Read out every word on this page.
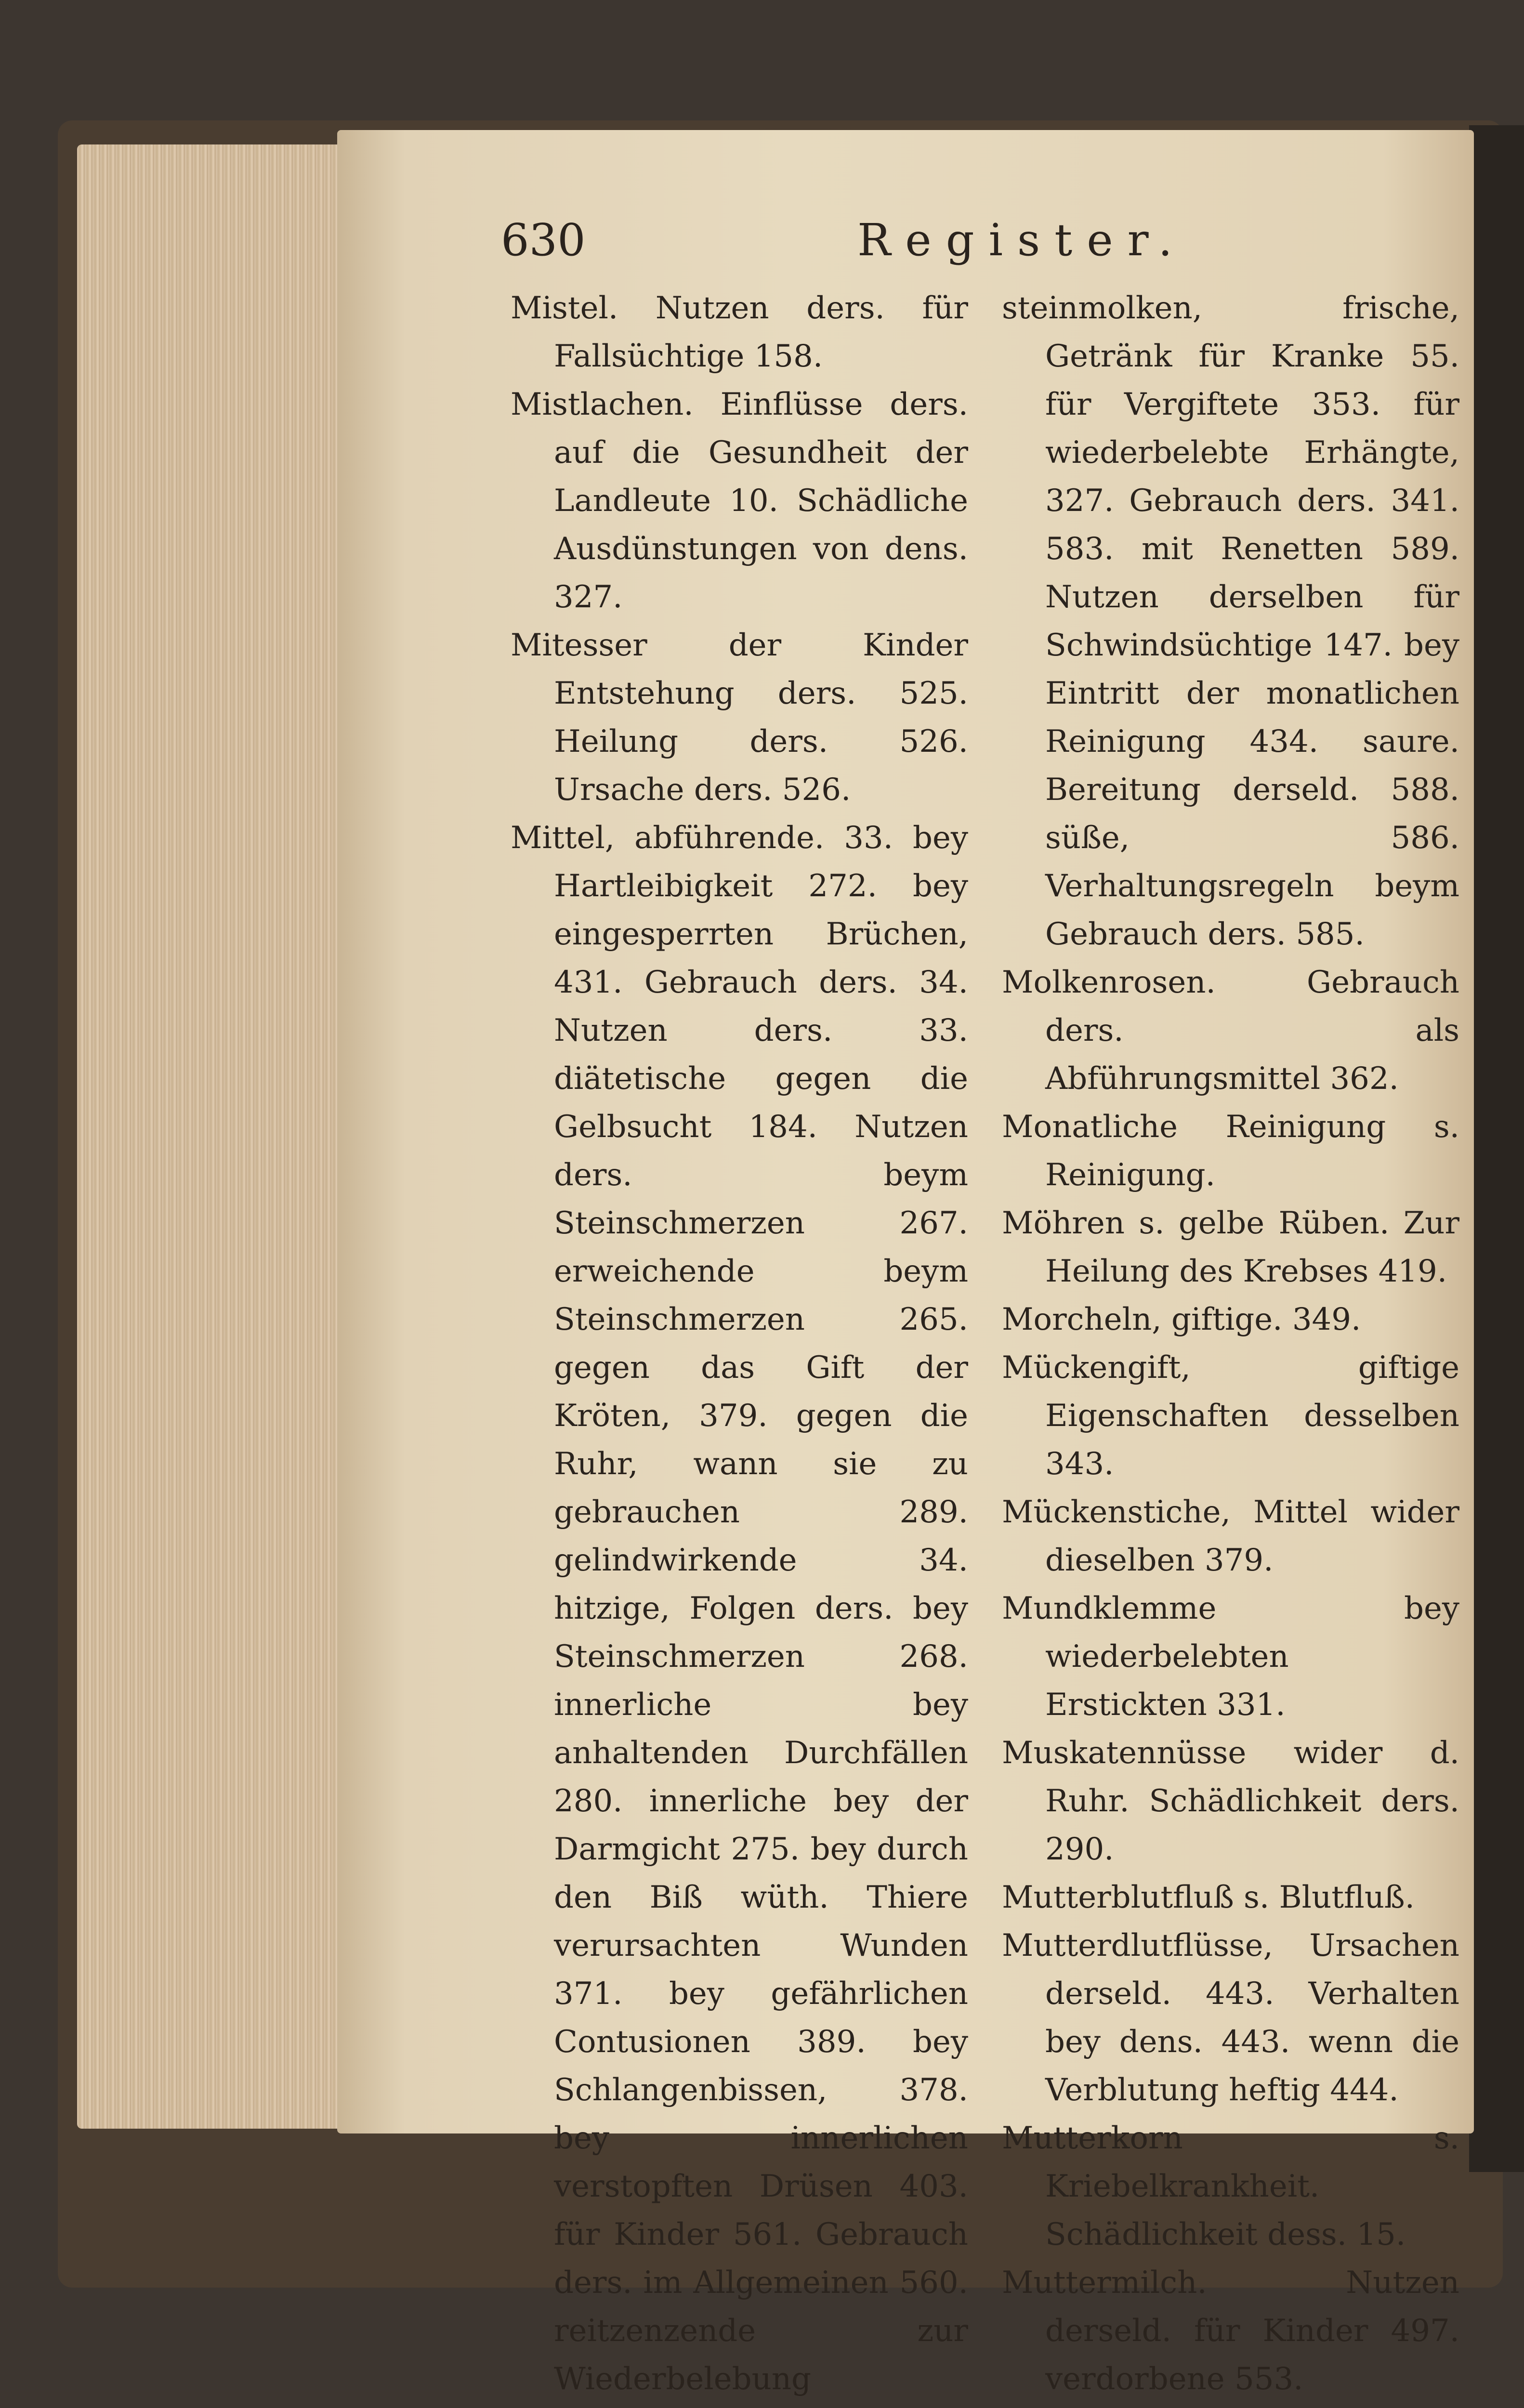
630	Register.

Mistel. Nutzen ders. für Fallsüchtige 158.

Mistlachen. Einflüsse ders. auf die Gesundheit der Landleute 10. Schädliche Ausdünstungen von dens. 327.

Mitesser der Kinder Entstehung ders. 525. Heilung ders. 526. Ursache ders. 526.

Mittel, abführende. 33. bey Hartleibigkeit 272. bey eingesperrten Brüchen, 431. Gebrauch ders. 34. Nutzen ders. 33. diätetische gegen die Gelbsucht 184. Nutzen ders. beym Steinschmerzen 267. erweichende beym Steinschmerzen 265. gegen das Gift der Kröten, 379. gegen die Ruhr, wann sie zu gebrauchen 289. gelindwirkende 34. hitzige, Folgen ders. bey Steinschmerzen 268. innerliche bey anhaltenden Durchfällen 280. innerliche bey der Darmgicht 275. bey durch den Biß wüth. Thiere verursachten Wunden 371. bey gefährlichen Contusionen 389. bey Schlangenbissen, 378. bey innerlichen verstopften Drüsen 403. für Kinder 561. Gebrauch ders. im Allgemeinen 560. reitzenzende zur Wiederbelebung

steinmolken, frische, Getränk für Kranke 55. für Vergiftete 353. für wiederbelebte Erhängte, 327. Gebrauch ders. 341. 583. mit Renetten 589. Nutzen derselben für Schwindsüchtige 147. bey Eintritt der monatlichen Reinigung 434. saure. Bereitung derseld. 588. süße, 586. Verhaltungsregeln beym Gebrauch ders. 585.

Molkenrosen. Gebrauch ders. als Abführungsmittel 362.

Monatliche Reinigung s. Reinigung.

Möhren s. gelbe Rüben. Zur Heilung des Krebses 419.

Morcheln, giftige. 349.

Mückengift, giftige Eigenschaften desselben 343.

Mückenstiche, Mittel wider dieselben 379.

Mundklemme bey wiederbelebten Erstickten 331.

Muskatennüsse wider d. Ruhr. Schädlichkeit ders. 290.

Mutterblutfluß s. Blutfluß.

Mutterdlutflüsse, Ursachen derseld. 443. Verhalten bey dens. 443. wenn die Verblutung heftig 444.

Mutterkorn s. Kriebelkrankheit. Schädlichkeit dess. 15.

Muttermilch. Nutzen derseld. für Kinder 497. verdorbene 553.
